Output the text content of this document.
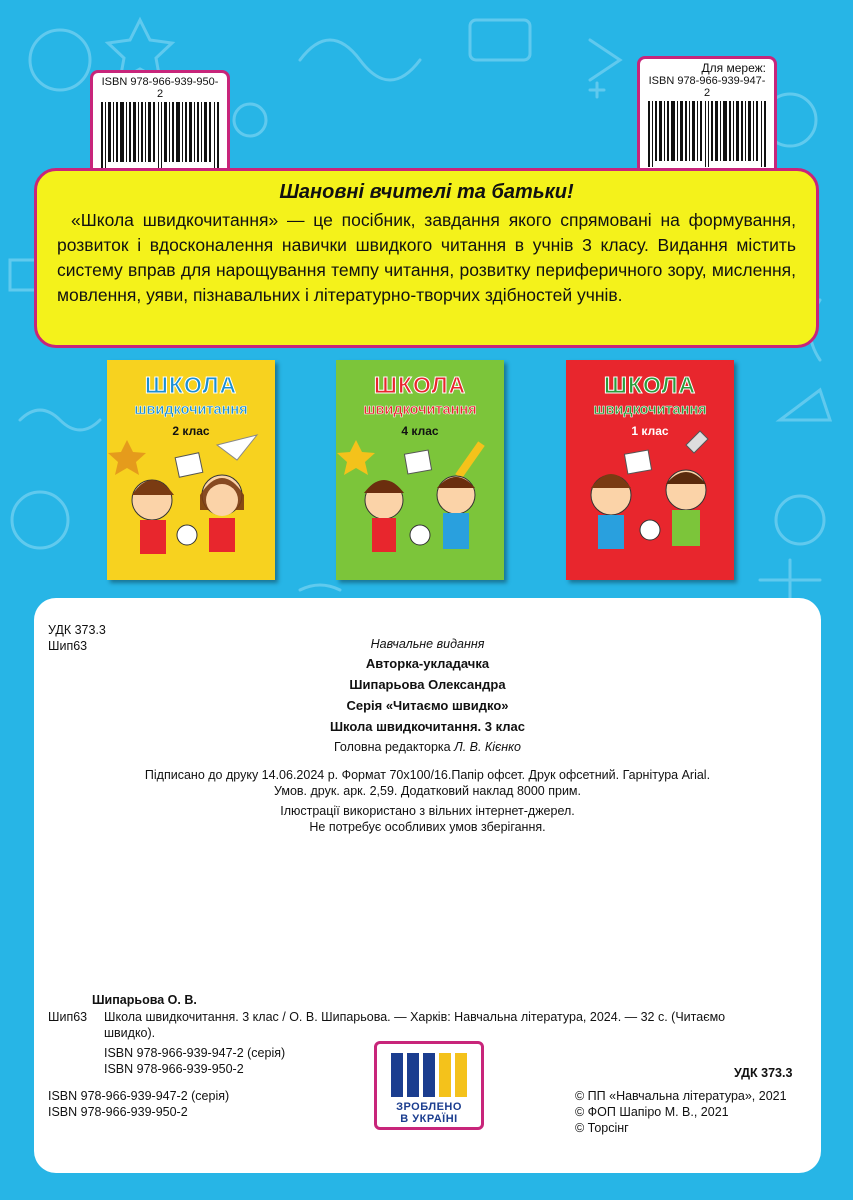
ISBN 978-966-939-950-2
Для мереж:
ISBN 978-966-939-947-2
Шановні вчителі та батьки!

«Школа швидкочитання» — це посібник, завдання якого спрямовані на формування, розвиток і вдосконалення навички швидкого читання в учнів 3 класу. Видання містить систему вправ для нарощування темпу читання, розвитку периферичного зору, мислення, мовлення, уяви, пізнавальних і літературно-творчих здібностей учнів.

ШКОЛА
швидкочитання
2 клас
ШКОЛА
швидкочитання
4 клас
ШКОЛА
швидкочитання
1 клас
УДК 373.3
Шип63	Навчальне видання
Авторка-укладачка
Шипарьова Олександра
Серія «Читаємо швидко»
Школа швидкочитання. 3 клас
Головна редакторка Л. В. Кієнко
Підписано до друку 14.06.2024 р. Формат 70х100/16.Папір офсет. Друк офсетний. Гарнітура Arial.
Умов. друк. арк. 2,59. Додатковий наклад 8000 прим.
Ілюстрації використано з вільних інтернет-джерел.
Не потребує особливих умов зберігання.
Шипарьова О. В.
Шип63 Школа швидкочитання. 3 клас / О. В. Шипарьова. — Харків: Навчальна література, 2024. — 32 с. (Читаємо
швидко).
ISBN 978-966-939-947-2 (серія)
ISBN 978-966-939-950-2	УДК 373.3
ISBN 978-966-939-947-2 (серія)
ISBN 978-966-939-950-2
© ПП «Навчальна література», 2021
© ФОП Шапіро М. В., 2021
© Торсінг
ЗРОБЛЕНО
В УКРАЇНІ
